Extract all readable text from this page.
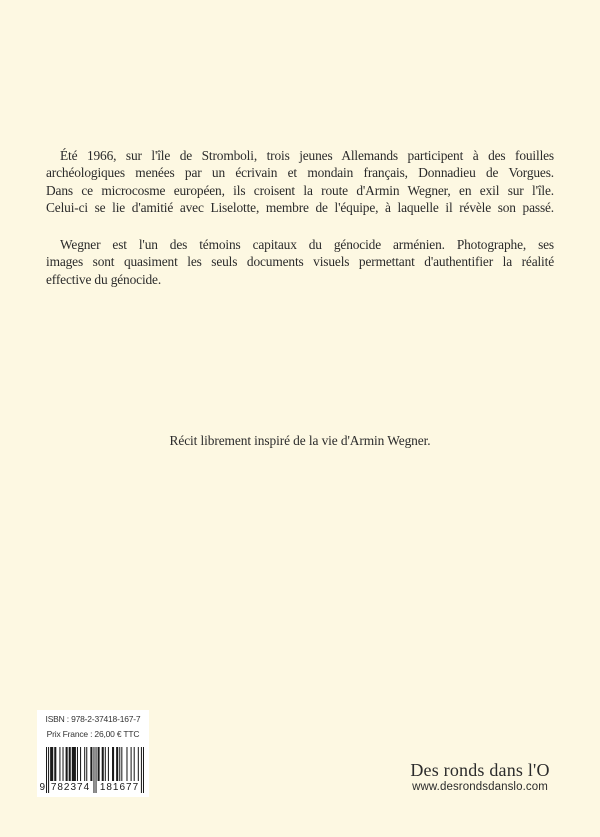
Été 1966, sur l'île de Stromboli, trois jeunes Allemands participent à des fouilles
archéologiques menées par un écrivain et mondain français, Donnadieu de Vorgues.
Dans ce microcosme européen, ils croisent la route d'Armin Wegner, en exil sur l'île.
Celui-ci se lie d'amitié avec Liselotte, membre de l'équipe, à laquelle il révèle son passé.
Wegner est l'un des témoins capitaux du génocide arménien. Photographe, ses
images sont quasiment les seuls documents visuels permettant d'authentifier la réalité
effective du génocide.
Récit librement inspiré de la vie d'Armin Wegner.
ISBN : 978-2-37418-167-7
Prix France : 26,00 € TTC
9 782374 181677
Des ronds dans l'O
www.desrondsdanslo.com
